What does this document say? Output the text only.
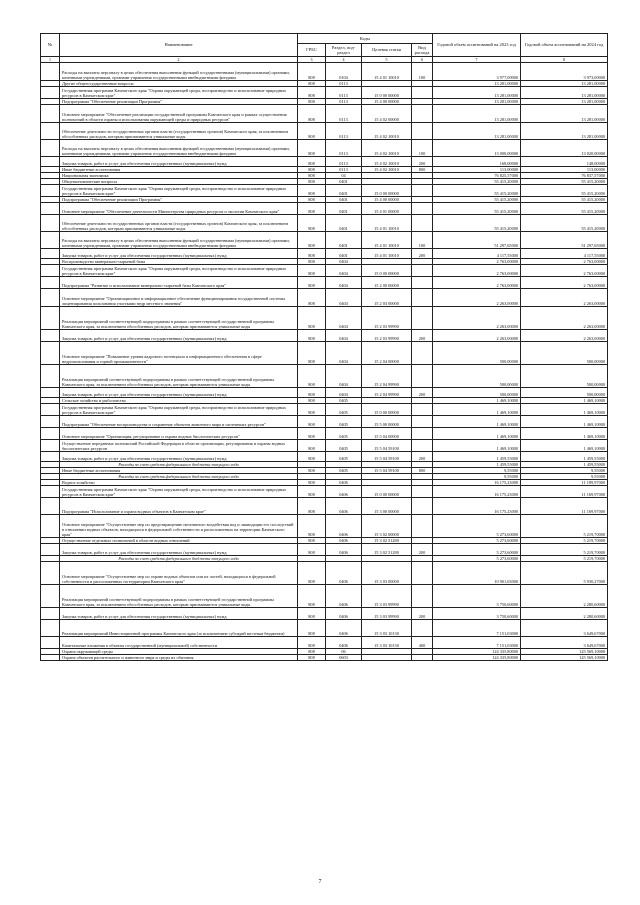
№	Наименование	Коды				Годовой объем ассигнований на 2023 год	Годовой объем ассигнований на 2024 год
		ГРБС	Раздел, под-раздел	Целевая статья	Вид расхода		
1	2	3	4	5	6	7	8
	Расходы на выплаты персоналу в целях обеспечения выполнения функций государственными (муниципальными) органами, казенными учреждениями, органами управления государственными внебюджетными фондами	808	0104	15 4 01 10010	100	3 977,00000	3 973,00000
	Другие общегосударственные вопросы	808	0113			13 281,00000	13 281,00000
	Государственная программа Камчатского края "Охрана окружающей среды, воспроизводство и использование природных ресурсов в Камчатском крае"	808	0113	15 0 00 00000		13 281,00000	13 281,00000
	Подпрограмма "Обеспечение реализации Программы"	808	0113	15 4 00 00000		13 281,00000	13 281,00000
	Основное мероприятие "Обеспечение реализации государственной программы Камчатского края и рамках осуществления полномочий в области охраны и использования окружающей среды и природных ресурсов"	808	0113	15 4 02 00000		13 281,00000	13 281,00000
	Обеспечение деятельности государственных органов власти (государственных органов) Камчатского края, за исключением обособленных расходов, которым присваиваются уникальные коды	808	0113	15 4 02 10010		13 281,00000	13 281,00000
	Расходы на выплаты персоналу в целях обеспечения выполнения функций государственными (муниципальными) органами, казенными учреждениями, органами управления государственными внебюджетными фондами	808	0113	15 4 02 10010	100	13 000,00000	13 020,00000
	Закупка товаров, работ и услуг для обеспечения государственных (муниципальных) нужд	808	0113	15 4 02 10010	200	168,00000	148,00000
	Иные бюджетные ассигнования	808	0113	15 4 02 10010	800	113,00000	113,00000
	Национальная экономика	808	04			76 825,57000	76 837,57000
	Общеэкономические вопросы	808	0401			55 415,20000	55 415,20000
	Государственная программа Камчатского края "Охрана окружающей среды, воспроизводство и использование природных ресурсов в Камчатском крае"	808	0401	15 0 00 00000		55 415,20000	55 415,20000
	Подпрограмма "Обеспечение реализации Программы"	808	0401	15 4 00 00000		55 415,20000	55 415,20000
	Основное мероприятие "Обеспечение деятельности Министерства природных ресурсов и экологии Камчатского края"	808	0401	15 4 01 00000		55 415,20000	55 415,20000
	Обеспечение деятельности государственных органов власти (государственных органов) Камчатского края, за исключением обособленных расходов, которым присваиваются уникальные коды	808	0401	15 4 01 10010		55 415,20000	55 415,20000
	Расходы на выплаты персоналу в целях обеспечения выполнения функций государственными (муниципальными) органами, казенными учреждениями, органами управления государственными внебюджетными фондами	808	0401	15 4 01 10010	100	51 297,65000	51 297,65000
	Закупка товаров, работ и услуг для обеспечения государственных (муниципальных) нужд	808	0401	15 4 01 10010	200	4 117,55000	4 117,55000
	Воспроизводство минерально-сырьевой базы	808	0404			2 763,00000	2 763,00000
	Государственная программа Камчатского края "Охрана окружающей среды, воспроизводство и использование природных ресурсов в Камчатском крае"	808	0404	15 0 00 00000		2 763,00000	2 763,00000
	Подпрограмма "Развитие и использование минерально-сырьевой базы Камчатского края"	808	0404	15 2 00 00000		2 763,00000	2 763,00000
	Основное мероприятие "Организационное и информационное обеспечение функционирования государственной системы лицензирования пользования участками недр местного значения"	808	0404	15 2 03 00000		2 263,00000	2 263,00000
	Реализация мероприятий соответствующей подпрограммы в рамках соответствующей государственной программы Камчатского края, за исключением обособленных расходов, которым присваиваются уникальные коды	808	0404	15 2 03 99990		2 263,00000	2 263,00000
	Закупка товаров, работ и услуг для обеспечения государственных (муниципальных) нужд	808	0404	15 2 03 99990	200	2 263,00000	2 263,00000
	Основное мероприятие "Повышение уровня кадрового потенциала и информационного обеспечения в сфере недропользования и горной промышленности"	808	0404	15 2 04 00000		500,00000	500,00000
	Реализация мероприятий соответствующей подпрограммы в рамках соответствующей государственной программы Камчатского края, за исключением обособленных расходов, которым присваиваются уникальные коды	808	0404	15 2 04 99990		500,00000	500,00000
	Закупка товаров, работ и услуг для обеспечения государственных (муниципальных) нужд	808	0404	15 2 04 99990	200	500,00000	500,00000
	Сельское хозяйство и рыболовство	808	0405			1 469,10000	1 469,10000
	Государственная программа Камчатского края "Охрана окружающей среды, воспроизводство и использование природных ресурсов в Камчатском крае"	808	0405	15 0 00 00000		1 469,10000	1 469,10000
	Подпрограмма "Обеспечение воспроизводства и сохранение объектов животного мира и охотничьих ресурсов"	808	0405	15 5 00 00000		1 469,10000	1 469,10000
	Основное мероприятие "Организация, регулирование и охрана водных биологических ресурсов"	808	0405	15 5 04 00000		1 469,10000	1 469,10000
	Осуществление переданных полномочий Российской Федерации в области организации, регулирования и охраны водных биологических ресурсов	808	0405	15 5 04 59100		1 469,10000	1 469,10000
	Закупка товаров, работ и услуг для обеспечения государственных (муниципальных) нужд	808	0405	15 5 04 59100	200	1 459,55000	1 459,55000
	Расходы за счет средств федерального бюджета текущего года					1 459,55000	1 459,55000
	Иные бюджетные ассигнования	808	0405	15 5 04 59100	800	9,55000	9,55000
	Расходы за счет средств федерального бюджета текущего года					9,55000	9,55000
	Водное хозяйство	808	0406			16 175,23000	11 189,97000
	Государственная программа Камчатского края "Охрана окружающей среды, воспроизводство и использование природных ресурсов в Камчатском крае"	808	0406	15 0 00 00000		16 175,23000	11 169,97000
	Подпрограмма "Использование и охрана водных объектов в Камчатском крае"	808	0406	15 3 00 00000		16 175,23000	11 169,97000
	Основное мероприятие "Осуществление мер по предотвращению негативного воздействия вод и ликвидации его последствий в отношении водных объектов, находящихся в федеральной собственности и расположенных на территории Камчатского края"	808	0406	15 3 02 00000		5 273,60000	5 219,70000
	Осуществление отдельных полномочий в области водных отношений	808	0406	15 3 02 51280		5 273,60000	5 219,70000
	Закупка товаров, работ и услуг для обеспечения государственных (муниципальных) нужд	808	0406	15 3 02 51280	200	5 273,60000	5 219,70000
	Расходы за счет средств федерального бюджета текущего года					5 273,60000	5 219,70000
	Основное мероприятие "Осуществление мер по охране водных объектов или их частей, находящихся в федеральной собственности и расположенных на территории Камчатского края"	808	0406	15 3 03 00000		10 901,63000	5 930,27000
	Реализация мероприятий соответствующей подпрограммы в рамках соответствующей государственной программы Камчатского края, за исключением обособленных расходов, которым присваиваются уникальные коды	808	0406	15 3 03 99990		3 750,60000	2 280,60000
	Закупка товаров, работ и услуг для обеспечения государственных (муниципальных) нужд	808	0406	15 3 03 99990	200	3 750,60000	2 280,60000
	Реализация мероприятий Инвестиционной программы Камчатского края (за исключением субсидий местным бюджетам)	808	0406	15 3 03 10130		7 151,03000	3 649,67000
	Капитальные вложения в объекты государственной (муниципальной) собственности	808	0406	15 3 03 10130	400	7 151,03000	3 649,67000
	Охрана окружающей среды	808	06			124 335,80000	125 569,10000
	Охрана объектов растительного и животного мира и среды их обитания	808	0603			124 335,80000	125 569,10000
7
